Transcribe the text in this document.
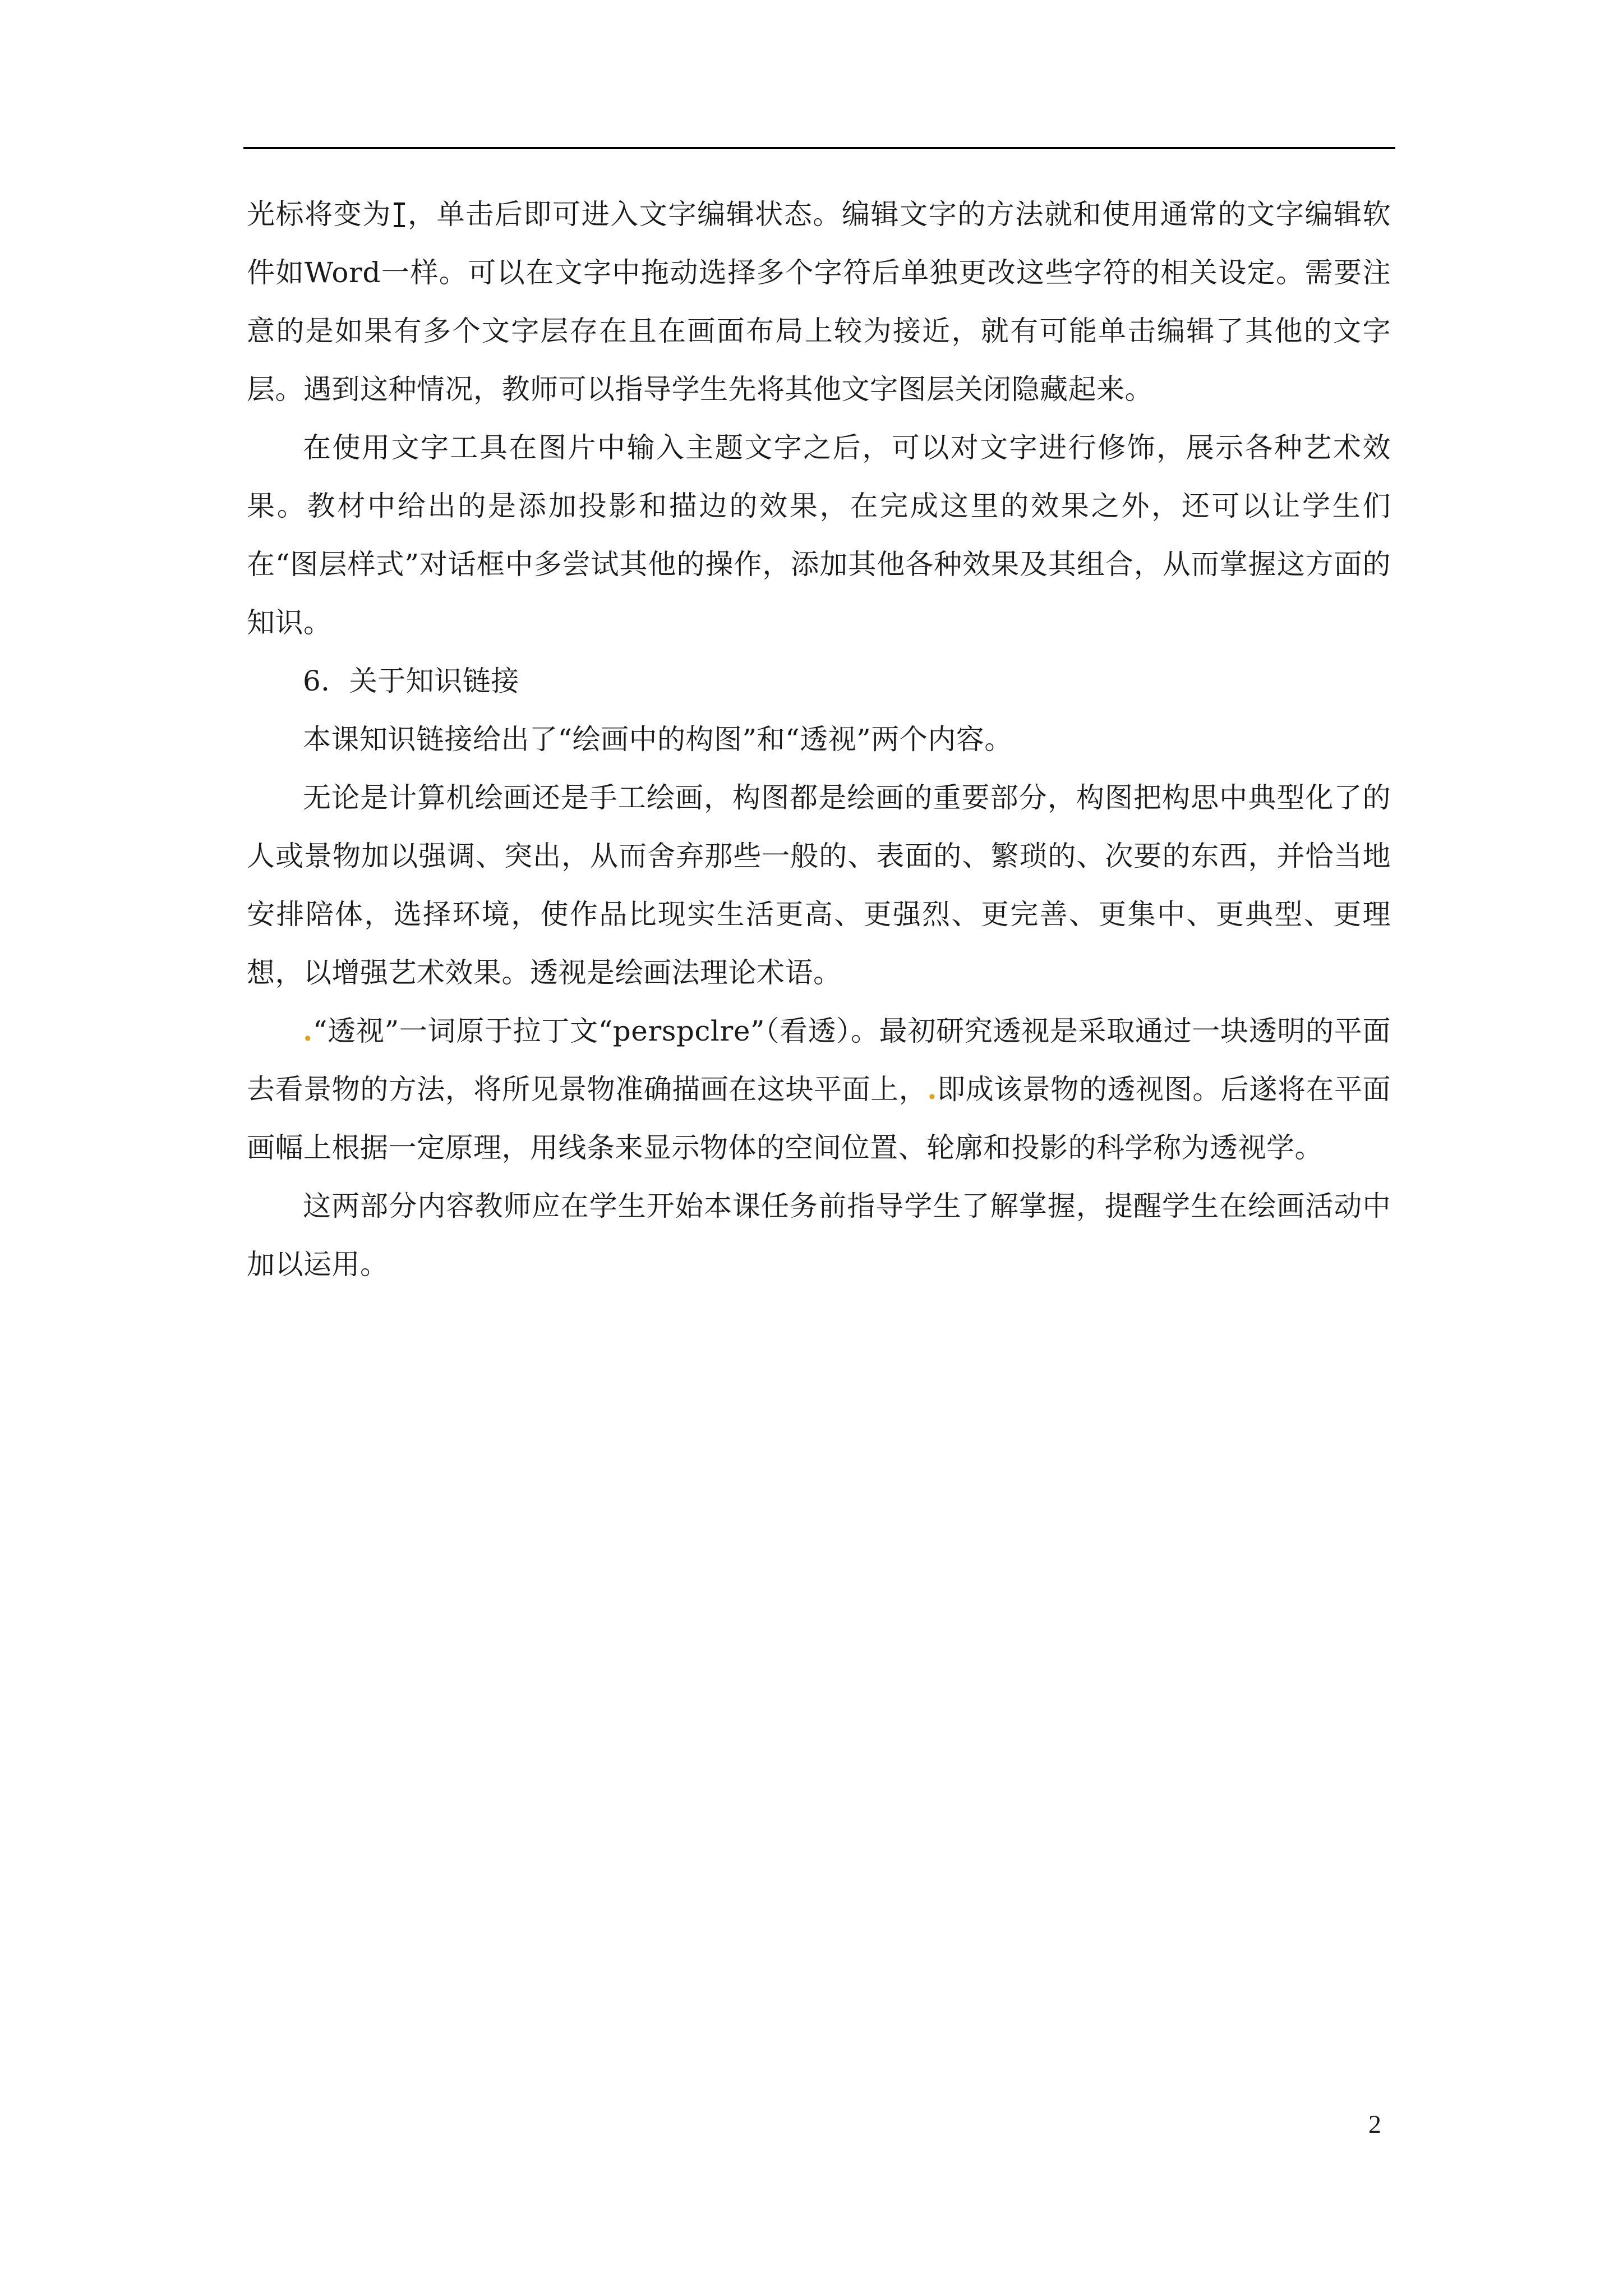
光标将变为 ，单击后即可进入文字编辑状态。编辑文字的方法就和使用通常的文字编辑软件如Word一样。可以在文字中拖动选择多个字符后单独更改这些字符的相关设定。需要注意的是如果有多个文字层存在且在画面布局上较为接近，就有可能单击编辑了其他的文字层。遇到这种情况，教师可以指导学生先将其他文字图层关闭隐藏起来。

在使用文字工具在图片中输入主题文字之后，可以对文字进行修饰，展示各种艺术效果。教材中给出的是添加投影和描边的效果，在完成这里的效果之外，还可以让学生们在“图层样式”对话框中多尝试其他的操作，添加其他各种效果及其组合，从而掌握这方面的知识。

6．关于知识链接

本课知识链接给出了“绘画中的构图”和“透视”两个内容。

无论是计算机绘画还是手工绘画，构图都是绘画的重要部分，构图把构思中典型化了的人或景物加以强调、突出，从而舍弃那些一般的、表面的、繁琐的、次要的东西，并恰当地安排陪体，选择环境，使作品比现实生活更高、更强烈、更完善、更集中、更典型、更理想，以增强艺术效果。透视是绘画法理论术语。

.“透视”一词原于拉丁文“perspclre”（看透）。最初研究透视是采取通过一块透明的平面去看景物的方法，将所见景物准确描画在这块平面上，.即成该景物的透视图。后遂将在平面画幅上根据一定原理，用线条来显示物体的空间位置、轮廓和投影的科学称为透视学。

这两部分内容教师应在学生开始本课任务前指导学生了解掌握，提醒学生在绘画活动中加以运用。

2
